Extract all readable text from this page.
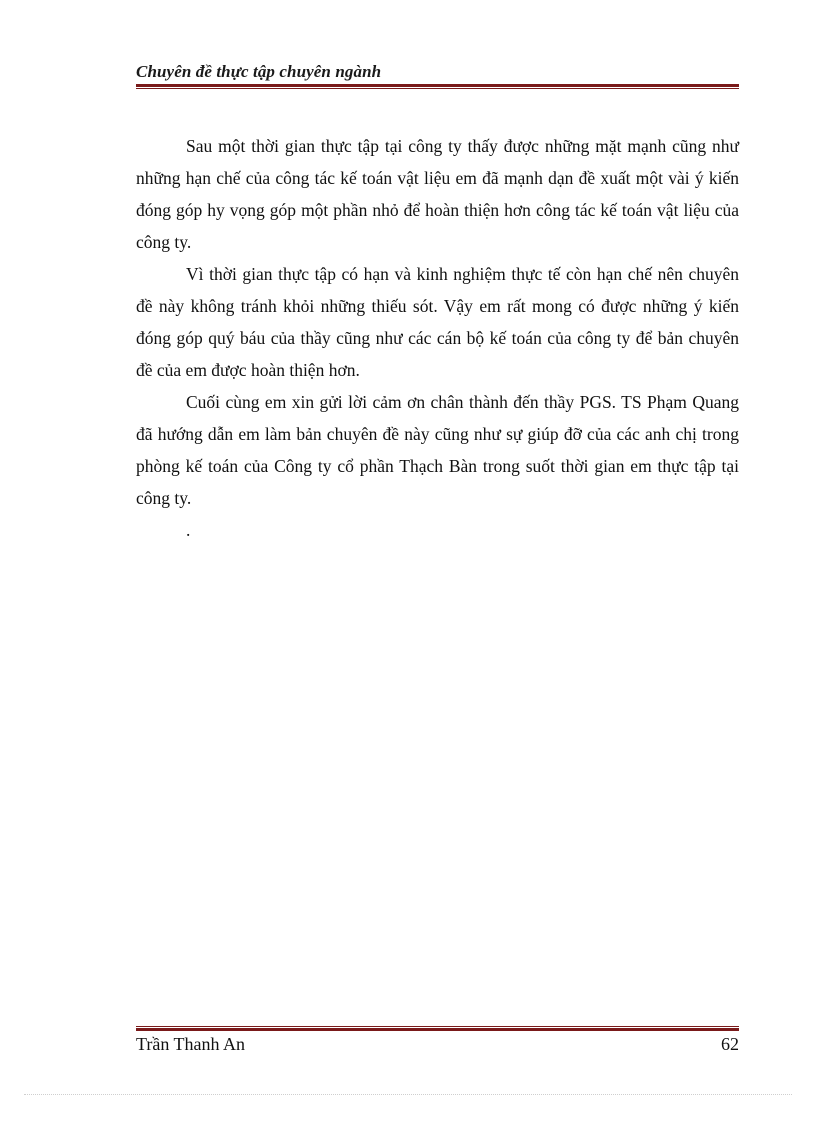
Chuyên đề thực tập chuyên ngành

Sau một thời gian thực tập tại công ty thấy được những mặt mạnh cũng như những hạn chế của công tác kế toán vật liệu em đã mạnh dạn đề xuất một vài ý kiến đóng góp hy vọng góp một phần nhỏ để hoàn thiện hơn công tác kế toán vật liệu của công ty.

Vì thời gian thực tập có hạn và kinh nghiệm thực tế còn hạn chế nên chuyên đề này không tránh khỏi những thiếu sót. Vậy em rất mong có được những ý kiến đóng góp quý báu của thầy cũng như các cán bộ kế toán của công ty để bản chuyên đề của em được hoàn thiện hơn.

Cuối cùng em xin gửi lời cảm ơn chân thành đến thầy PGS. TS Phạm Quang đã hướng dẫn em làm bản chuyên đề này cũng như sự giúp đỡ của các anh chị trong phòng kế toán của Công ty cổ phần Thạch Bàn trong suốt thời gian em thực tập tại công ty.

.
Trần Thanh An	62
